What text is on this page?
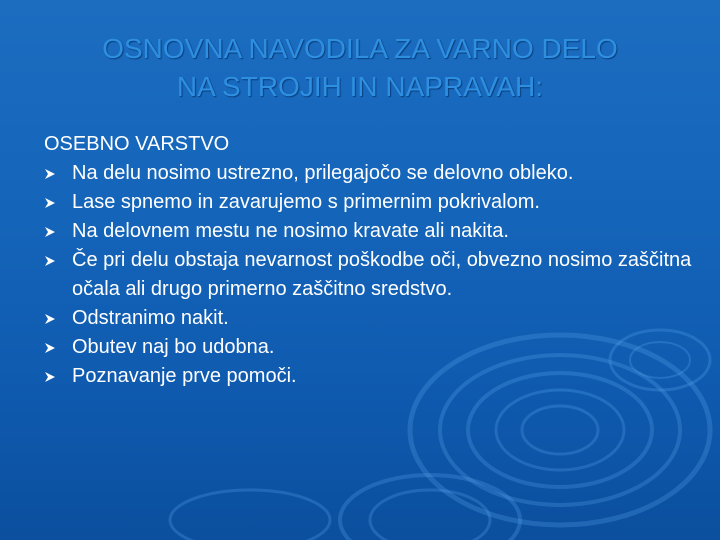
OSNOVNA NAVODILA ZA VARNO DELO
NA STROJIH IN NAPRAVAH:

OSEBNO VARSTVO

Na delu nosimo ustrezno, prilegajočo se delovno obleko.
Lase spnemo in zavarujemo s primernim pokrivalom.
Na delovnem mestu ne nosimo kravate ali nakita.
Če pri delu obstaja nevarnost poškodbe oči, obvezno nosimo zaščitna očala ali drugo primerno zaščitno sredstvo.
Odstranimo nakit.
Obutev naj bo udobna.
Poznavanje prve pomoči.
